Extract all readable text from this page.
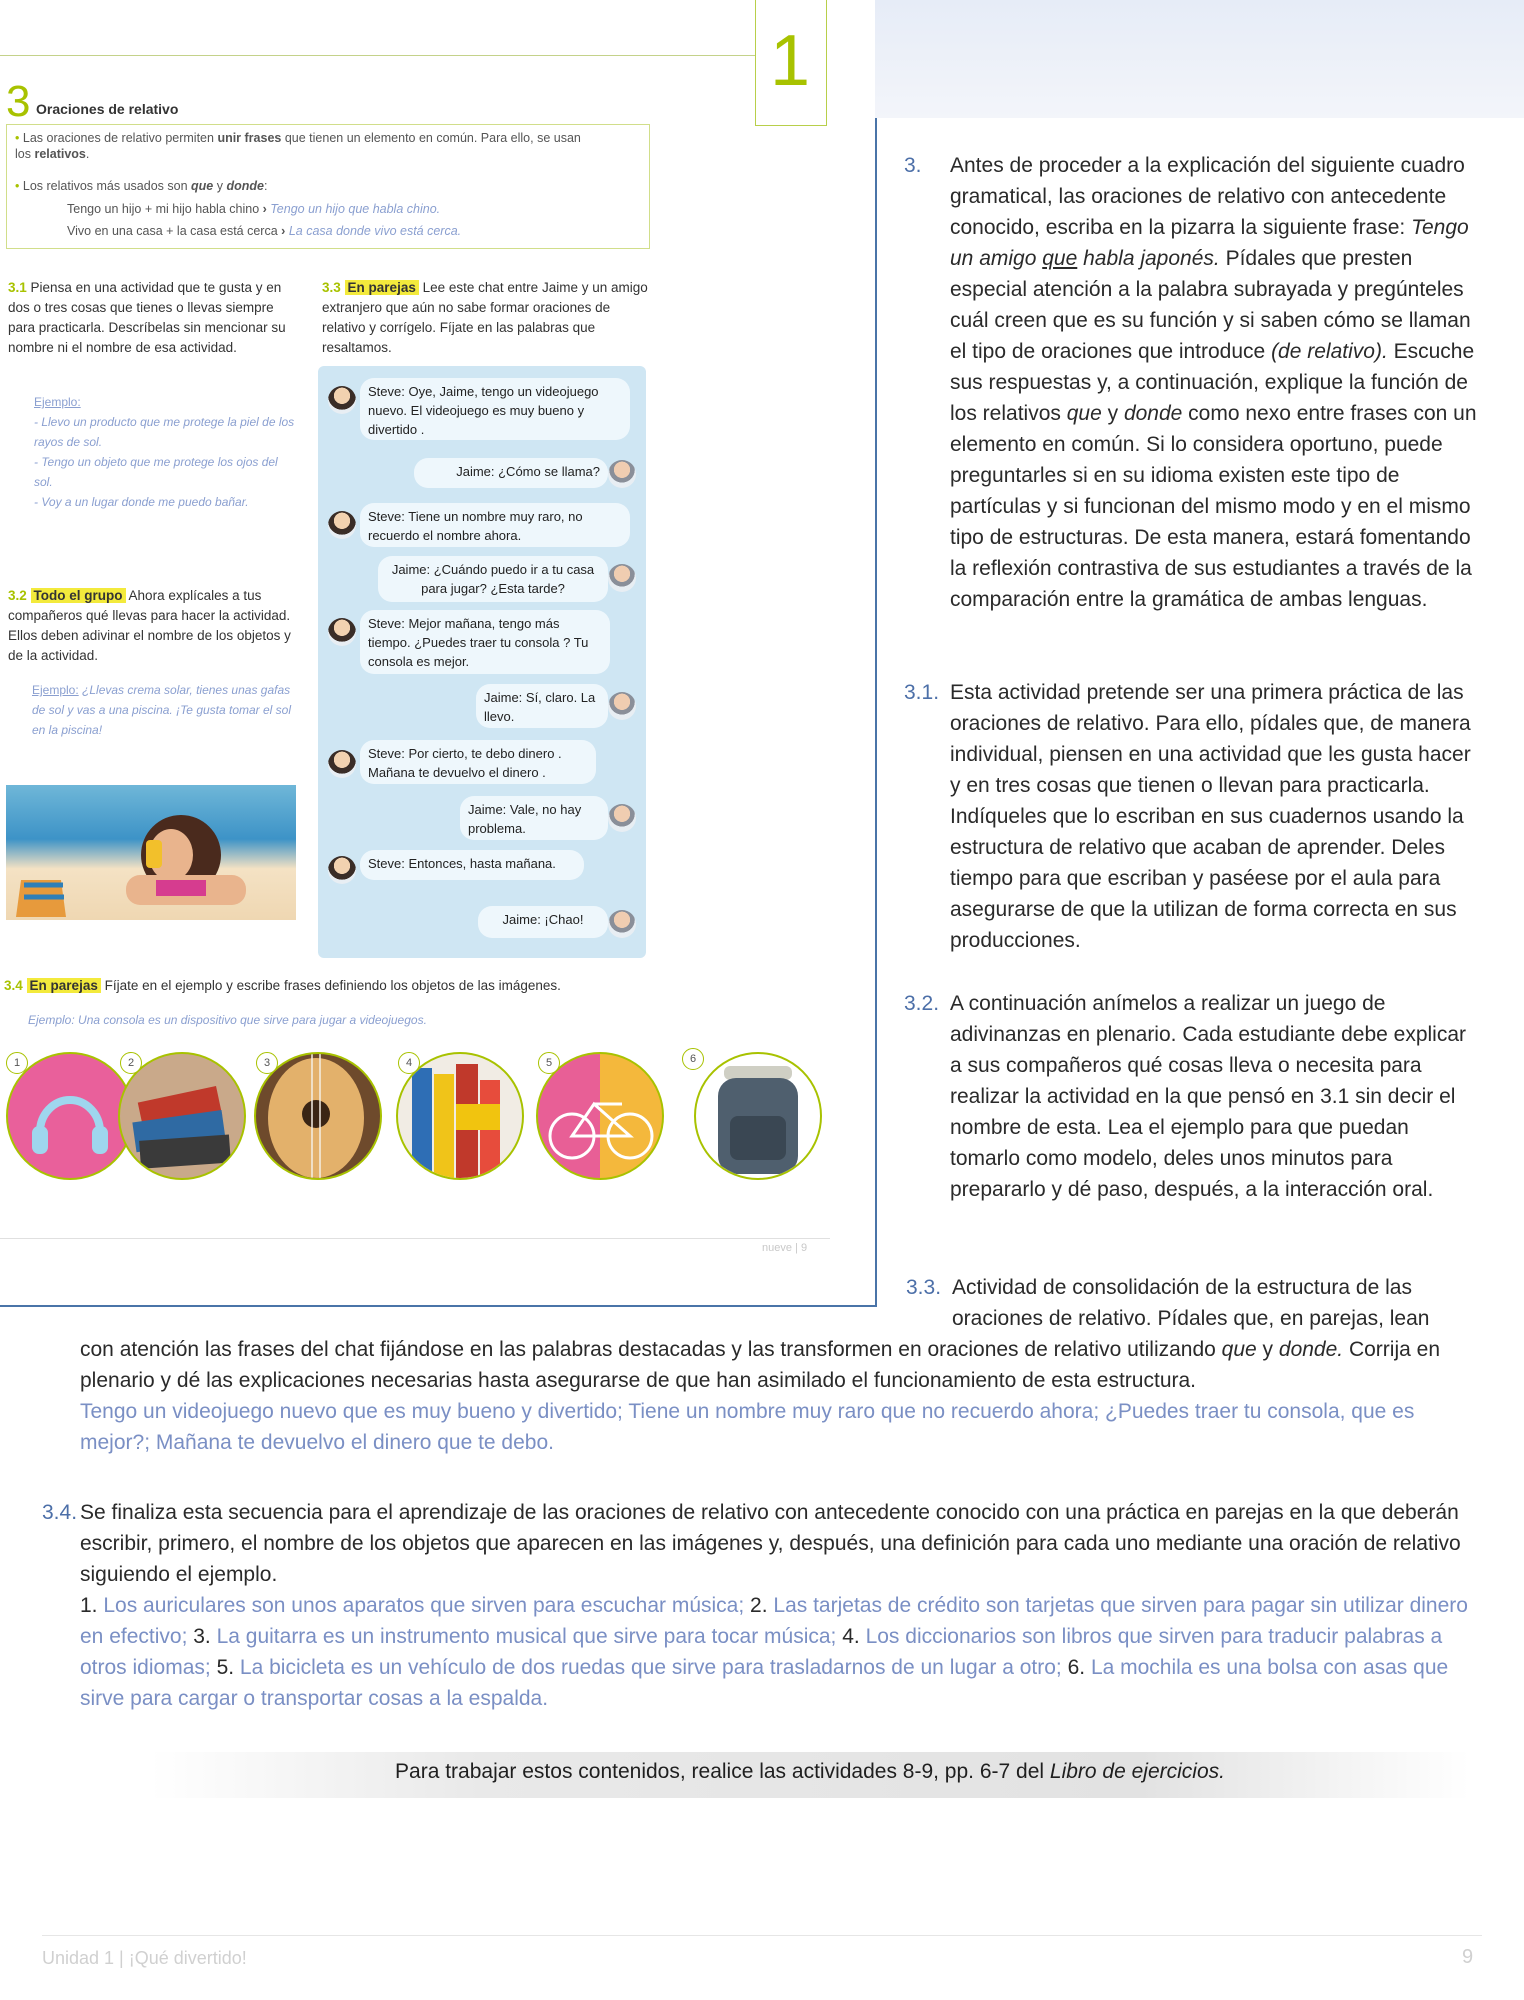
3 Oraciones de relativo
• Las oraciones de relativo permiten unir frases que tienen un elemento en común. Para ello, se usan
los relativos.
• Los relativos más usados son que y donde:
Tengo un hijo + mi hijo habla chino › Tengo un hijo que habla chino.
Vivo en una casa + la casa está cerca › La casa donde vivo está cerca.
3.1 Piensa en una actividad que te gusta y en dos o tres cosas que tienes o llevas siempre para practicarla. Descríbelas sin mencionar su nombre ni el nombre de esa actividad.
Ejemplo:
- Llevo un producto que me protege la piel de los rayos de sol.
- Tengo un objeto que me protege los ojos del sol.
- Voy a un lugar donde me puedo bañar.
3.2 Todo el grupo Ahora explícales a tus compañeros qué llevas para hacer la actividad. Ellos deben adivinar el nombre de los objetos y de la actividad.
Ejemplo: ¿Llevas crema solar, tienes unas gafas de sol y vas a una piscina. ¡Te gusta tomar el sol en la piscina!
3.3 En parejas Lee este chat entre Jaime y un amigo extranjero que aún no sabe formar oraciones de relativo y corrígelo. Fíjate en las palabras que resaltamos.
Steve: Oye, Jaime, tengo un videojuego nuevo. El videojuego es muy bueno y divertido .
Jaime: ¿Cómo se llama?
Steve: Tiene un nombre muy raro, no recuerdo el nombre ahora.
Jaime: ¿Cuándo puedo ir a tu casa para jugar? ¿Esta tarde?
Steve: Mejor mañana, tengo más tiempo. ¿Puedes traer tu consola ? Tu consola es mejor.
Jaime: Sí, claro. La llevo.
Steve: Por cierto, te debo dinero . Mañana te devuelvo el dinero .
Jaime: Vale, no hay problema.
Steve: Entonces, hasta mañana.
Jaime: ¡Chao!
3.4 En parejas Fíjate en el ejemplo y escribe frases definiendo los objetos de las imágenes.
Ejemplo: Una consola es un dispositivo que sirve para jugar a videojuegos.
1	2	3	4	5	6
nueve | 9
1
3. Antes de proceder a la explicación del siguiente cuadro gramatical, las oraciones de relativo con antecedente conocido, escriba en la pizarra la siguiente frase: Tengo un amigo que habla japonés. Pídales que presten especial atención a la palabra subrayada y pregúnteles cuál creen que es su función y si saben cómo se llaman el tipo de oraciones que introduce (de relativo). Escuche sus respuestas y, a continuación, explique la función de los relativos que y donde como nexo entre frases con un elemento en común. Si lo considera oportuno, puede preguntarles si en su idioma existen este tipo de partículas y si funcionan del mismo modo y en el mismo tipo de estructuras. De esta manera, estará fomentando la reflexión contrastiva de sus estudiantes a través de la comparación entre la gramática de ambas lenguas.
3.1. Esta actividad pretende ser una primera práctica de las oraciones de relativo. Para ello, pídales que, de manera individual, piensen en una actividad que les gusta hacer y en tres cosas que tienen o llevan para practicarla. Indíqueles que lo escriban en sus cuadernos usando la estructura de relativo que acaban de aprender. Deles tiempo para que escriban y paséese por el aula para asegurarse de que la utilizan de forma correcta en sus producciones.
3.2. A continuación anímelos a realizar un juego de adivinanzas en plenario. Cada estudiante debe explicar a sus compañeros qué cosas lleva o necesita para realizar la actividad en la que pensó en 3.1 sin decir el nombre de esta. Lea el ejemplo para que puedan tomarlo como modelo, deles unos minutos para prepararlo y dé paso, después, a la interacción oral.
3.3. Actividad de consolidación de la estructura de las oraciones de relativo. Pídales que, en parejas, lean
con atención las frases del chat fijándose en las palabras destacadas y las transformen en oraciones de relativo utilizando que y donde. Corrija en plenario y dé las explicaciones necesarias hasta asegurarse de que han asimilado el funcionamiento de esta estructura.
Tengo un videojuego nuevo que es muy bueno y divertido; Tiene un nombre muy raro que no recuerdo ahora; ¿Puedes traer tu consola, que es mejor?; Mañana te devuelvo el dinero que te debo.
3.4. Se finaliza esta secuencia para el aprendizaje de las oraciones de relativo con antecedente conocido con una práctica en parejas en la que deberán escribir, primero, el nombre de los objetos que aparecen en las imágenes y, después, una definición para cada uno mediante una oración de relativo siguiendo el ejemplo.
1. Los auriculares son unos aparatos que sirven para escuchar música; 2. Las tarjetas de crédito son tarjetas que sirven para pagar sin utilizar dinero en efectivo; 3. La guitarra es un instrumento musical que sirve para tocar música; 4. Los diccionarios son libros que sirven para traducir palabras a otros idiomas; 5. La bicicleta es un vehículo de dos ruedas que sirve para trasladarnos de un lugar a otro; 6. La mochila es una bolsa con asas que sirve para cargar o transportar cosas a la espalda.
Para trabajar estos contenidos, realice las actividades 8-9, pp. 6-7 del Libro de ejercicios.
Unidad 1 | ¡Qué divertido!	9
